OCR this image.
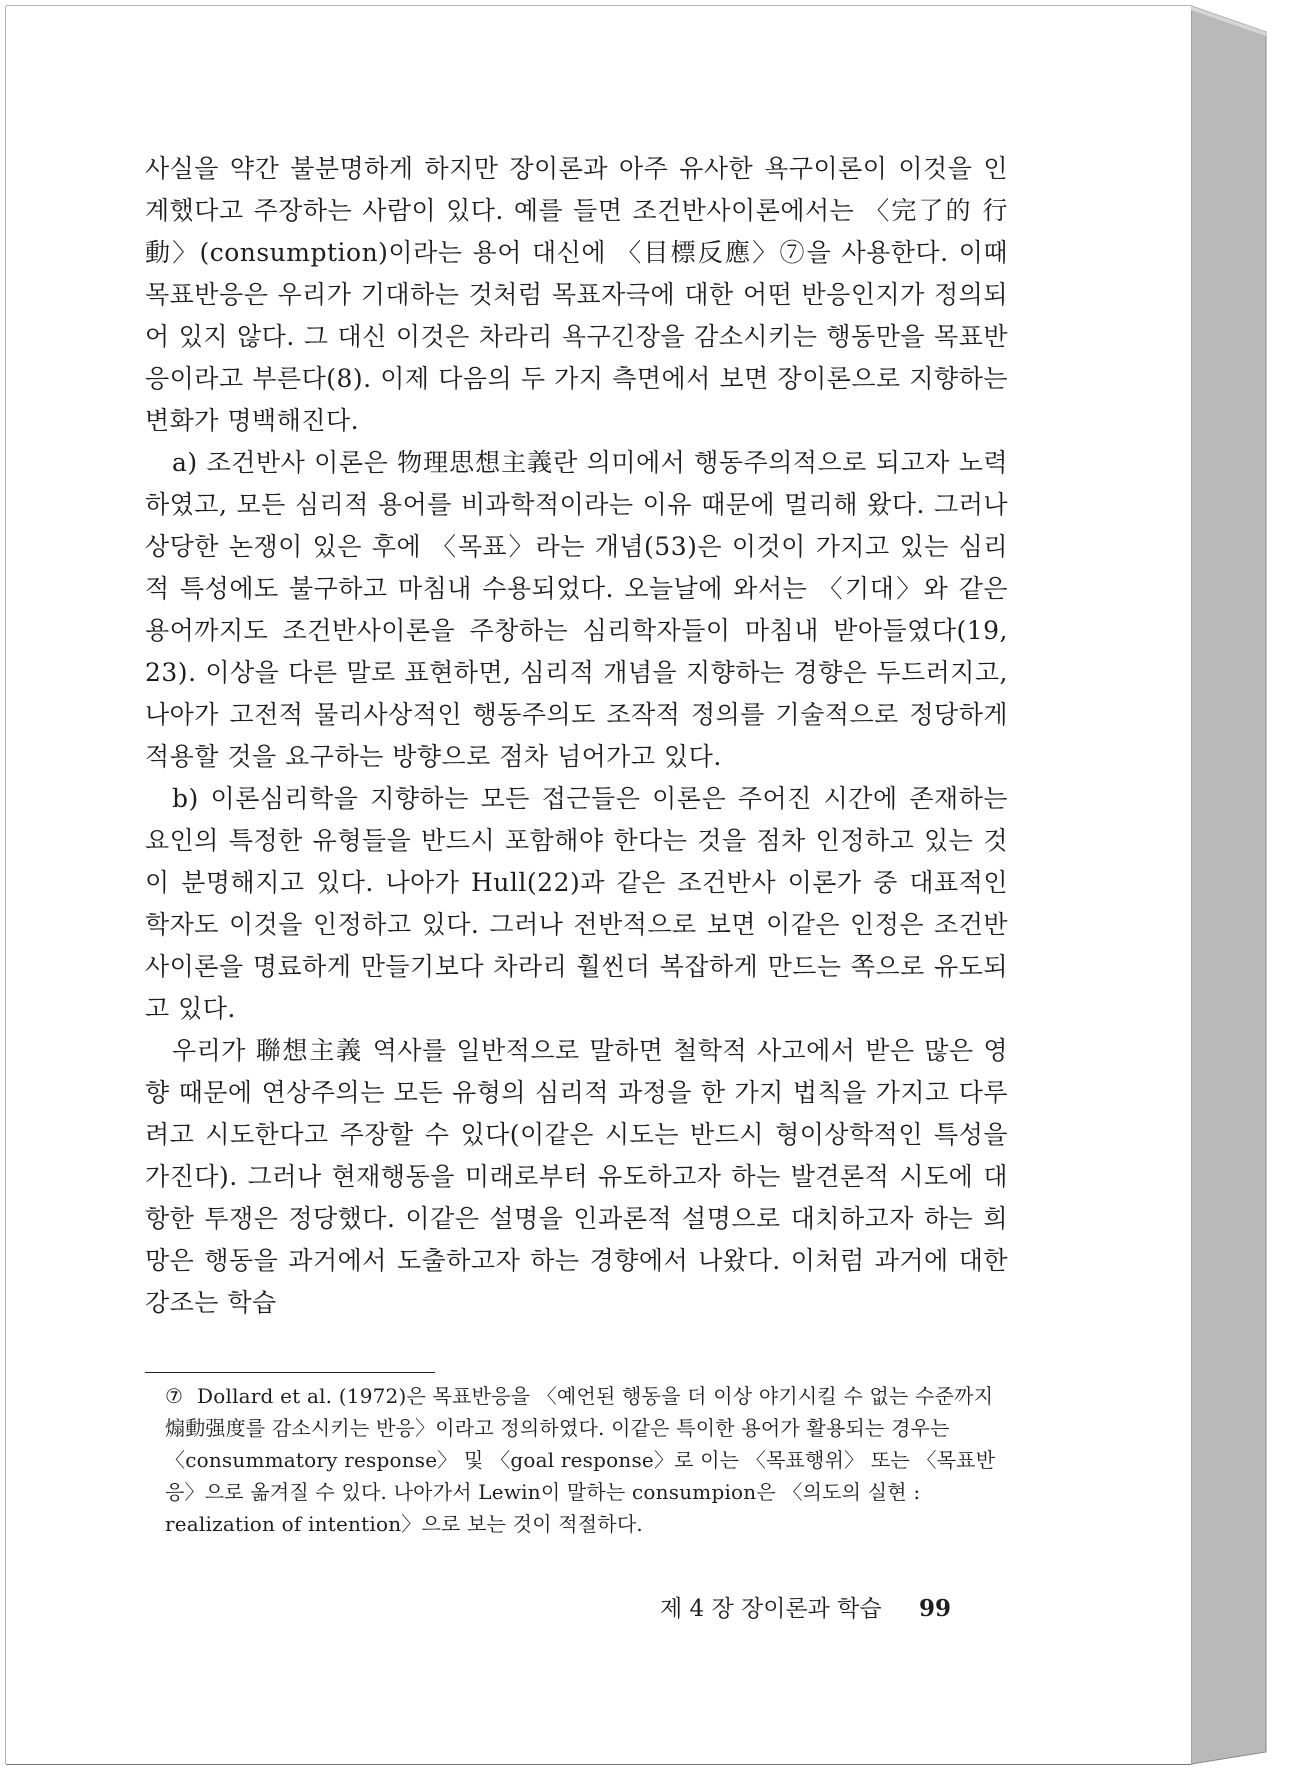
사실을 약간 불분명하게 하지만 장이론과 아주 유사한 욕구이론이 이것을 인계했다고 주장하는 사람이 있다. 예를 들면 조건반사이론에서는 〈完了的 行動〉(consumption)이라는 용어 대신에 〈目標反應〉⑦을 사용한다. 이때 목표반응은 우리가 기대하는 것처럼 목표자극에 대한 어떤 반응인지가 정의되어 있지 않다. 그 대신 이것은 차라리 욕구긴장을 감소시키는 행동만을 목표반응이라고 부른다(8). 이제 다음의 두 가지 측면에서 보면 장이론으로 지향하는 변화가 명백해진다.

a) 조건반사 이론은 物理思想主義란 의미에서 행동주의적으로 되고자 노력하였고, 모든 심리적 용어를 비과학적이라는 이유 때문에 멀리해 왔다. 그러나 상당한 논쟁이 있은 후에 〈목표〉라는 개념(53)은 이것이 가지고 있는 심리적 특성에도 불구하고 마침내 수용되었다. 오늘날에 와서는 〈기대〉와 같은 용어까지도 조건반사이론을 주창하는 심리학자들이 마침내 받아들였다(19, 23). 이상을 다른 말로 표현하면, 심리적 개념을 지향하는 경향은 두드러지고, 나아가 고전적 물리사상적인 행동주의도 조작적 정의를 기술적으로 정당하게 적용할 것을 요구하는 방향으로 점차 넘어가고 있다.

b) 이론심리학을 지향하는 모든 접근들은 이론은 주어진 시간에 존재하는 요인의 특정한 유형들을 반드시 포함해야 한다는 것을 점차 인정하고 있는 것이 분명해지고 있다. 나아가 Hull(22)과 같은 조건반사 이론가 중 대표적인 학자도 이것을 인정하고 있다. 그러나 전반적으로 보면 이같은 인정은 조건반사이론을 명료하게 만들기보다 차라리 훨씬더 복잡하게 만드는 쪽으로 유도되고 있다.

우리가 聯想主義 역사를 일반적으로 말하면 철학적 사고에서 받은 많은 영향 때문에 연상주의는 모든 유형의 심리적 과정을 한 가지 법칙을 가지고 다루려고 시도한다고 주장할 수 있다(이같은 시도는 반드시 형이상학적인 특성을 가진다). 그러나 현재행동을 미래로부터 유도하고자 하는 발견론적 시도에 대항한 투쟁은 정당했다. 이같은 설명을 인과론적 설명으로 대치하고자 하는 희망은 행동을 과거에서 도출하고자 하는 경향에서 나왔다. 이처럼 과거에 대한 강조는 학습

⑦ Dollard et al. (1972)은 목표반응을 〈예언된 행동을 더 이상 야기시킬 수 없는 수준까지 煽動强度를 감소시키는 반응〉이라고 정의하였다. 이같은 특이한 용어가 활용되는 경우는 〈consummatory response〉 및 〈goal response〉로 이는 〈목표행위〉 또는 〈목표반응〉으로 옮겨질 수 있다. 나아가서 Lewin이 말하는 consumpion은 〈의도의 실현 : realization of intention〉으로 보는 것이 적절하다.
제 4 장 장이론과 학습 99
